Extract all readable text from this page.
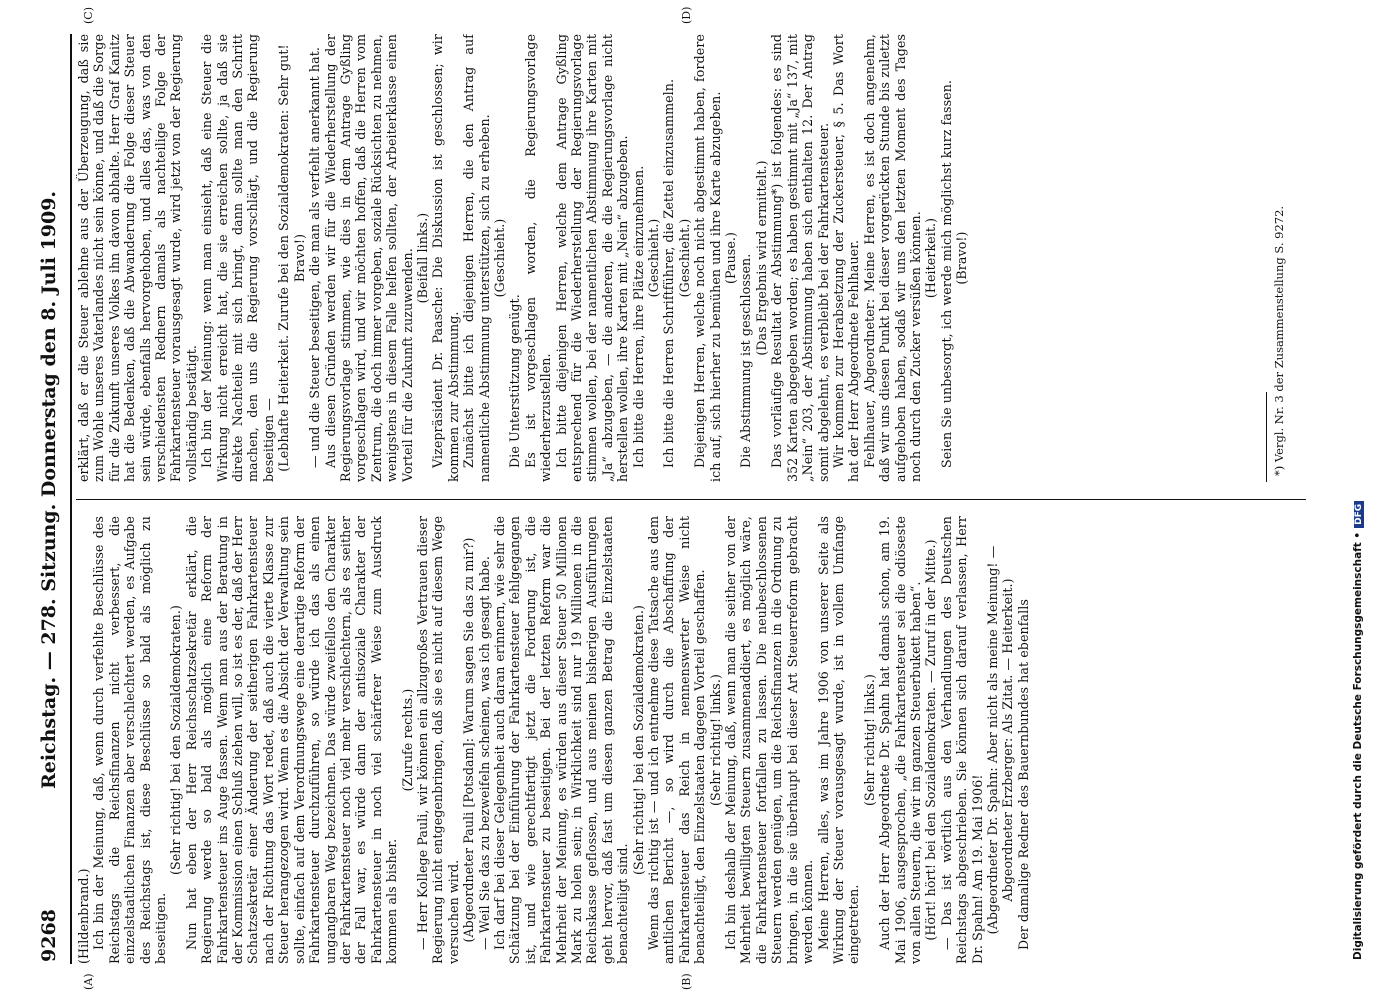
9268
Reichstag. — 278. Sitzung. Donnerstag den 8. Juli 1909.
(A)	(B)
(C)	(D)

(Hildenbrand.) Ich bin der Meinung, daß, wenn durch verfehlte Beschlüsse des Reichstags die Reichsfinanzen nicht verbessert, die einzelstaatlichen Finanzen aber verschlechtert werden, es Aufgabe des Reichstags ist, diese Beschlüsse so bald als möglich zu beseitigen.

(Sehr richtig! bei den Sozialdemokraten.) Nun hat eben der Herr Reichsschatzsekretär erklärt, die Regierung werde so bald als möglich eine Reform der Fahrkartensteuer ins Auge fassen. Wenn man aus der Beratung in der Kommission einen Schluß ziehen will, so ist es der, daß der Herr Schatzsekretär einer Änderung der seitherigen Fahrkartensteuer nach der Richtung das Wort redet, daß auch die vierte Klasse zur Steuer herangezogen wird. Wenn es die Absicht der Verwaltung sein sollte, einfach auf dem Verordnungswege eine derartige Reform der Fahrkartensteuer durchzuführen, so würde ich das als einen ungangbaren Weg bezeichnen. Das würde zweifellos den Charakter der Fahrkartensteuer noch viel mehr verschlechtern, als es seither der Fall war, es würde dann der antisoziale Charakter der Fahrkartensteuer in noch viel schärferer Weise zum Ausdruck kommen als bisher.

(Zurufe rechts.) — Herr Kollege Pauli, wir können ein allzugroßes Vertrauen dieser Regierung nicht entgegenbringen, daß sie es nicht auf diesem Wege versuchen wird. (Abgeordneter Pauli [Potsdam]: Warum sagen Sie das zu mir?) — Weil Sie das zu bezweifeln scheinen, was ich gesagt habe. Ich darf bei dieser Gelegenheit auch daran erinnern, wie sehr die Schätzung bei der Einführung der Fahrkartensteuer fehlgegangen ist, und wie gerechtfertigt jetzt die Forderung ist, die Fahrkartensteuer zu beseitigen. Bei der letzten Reform war die Mehrheit der Meinung, es würden aus dieser Steuer 50 Millionen Mark zu holen sein; in Wirklichkeit sind nur 19 Millionen in die Reichskasse geflossen, und aus meinen bisherigen Ausführungen geht hervor, daß fast um diesen ganzen Betrag die Einzelstaaten benachteiligt sind.

(Sehr richtig! bei den Sozialdemokraten.) Wenn das richtig ist — und ich entnehme diese Tatsache aus dem amtlichen Bericht —, so wird durch die Abschaffung der Fahrkartensteuer das Reich in nennenswerter Weise nicht benachteiligt, den Einzelstaaten dagegen Vorteil geschaffen. (Sehr richtig! links.) Ich bin deshalb der Meinung, daß, wenn man die seither von der Mehrheit bewilligten Steuern zusammenaddiert, es möglich wäre, die Fahrkartensteuer fortfallen zu lassen. Die neubeschlossenen Steuern werden genügen, um die Reichsfinanzen in die Ordnung zu bringen, in die sie überhaupt bei dieser Art Steuerreform gebracht werden können. Meine Herren, alles, was im Jahre 1906 von unserer Seite als Wirkung der Steuer vorausgesagt wurde, ist in vollem Umfange eingetreten.

(Sehr richtig! links.) Auch der Herr Abgeordnete Dr. Spahn hat damals schon, am 19. Mai 1906, ausgesprochen, „die Fahrkartensteuer sei die odiöseste von allen Steuern, die wir im ganzen Steuerbukett haben“. (Hört! hört! bei den Sozialdemokraten. — Zuruf in der Mitte.) — Das ist wörtlich aus den Verhandlungen des Deutschen Reichstags abgeschrieben. Sie können sich darauf verlassen, Herr Dr. Spahn! Am 19. Mai 1906! (Abgeordneter Dr. Spahn: Aber nicht als meine Meinung! — Abgeordneter Erzberger: Als Zitat. — Heiterkeit.) Der damalige Redner des Bauernbundes hat ebenfalls

erklärt, daß er die Steuer ablehne aus der Überzeugung, daß sie zum Wohle unseres Vaterlandes nicht sein könne, und daß die Sorge für die Zukunft unseres Volkes ihn davon abhalte. Herr Graf Kanitz hat die Bedenken, daß die Abwanderung die Folge dieser Steuer sein würde, ebenfalls hervorgehoben, und alles das, was von den verschiedensten Rednern damals als nachteilige Folge der Fahrkartensteuer vorausgesagt wurde, wird jetzt von der Regierung vollständig bestätigt. Ich bin der Meinung: wenn man einsieht, daß eine Steuer die Wirkung nicht erreicht hat, die sie erreichen sollte, ja daß sie direkte Nachteile mit sich bringt, dann sollte man den Schritt machen, den uns die Regierung vorschlägt, und die Regierung beseitigen — (Lebhafte Heiterkeit. Zurufe bei den Sozialdemokraten: Sehr gut! Bravo!) — und die Steuer beseitigen, die man als verfehlt anerkannt hat. Aus diesen Gründen werden wir für die Wiederherstellung der Regierungsvorlage stimmen, wie dies in dem Antrage Gyßling vorgeschlagen wird, und wir möchten hoffen, daß die Herren vom Zentrum, die doch immer vorgeben, soziale Rücksichten zu nehmen, wenigstens in diesem Falle helfen sollten, der Arbeiterklasse einen Vorteil für die Zukunft zuzuwenden. (Beifall links.) Vizepräsident Dr. Paasche: Die Diskussion ist geschlossen; wir kommen zur Abstimmung. Zunächst bitte ich diejenigen Herren, die den Antrag auf namentliche Abstimmung unterstützen, sich zu erheben. (Geschieht.)

Die Unterstützung genügt. Es ist vorgeschlagen worden, die Regierungsvorlage wiederherzustellen. Ich bitte diejenigen Herren, welche dem Antrage Gyßling entsprechend für die Wiederherstellung der Regierungsvorlage stimmen wollen, bei der namentlichen Abstimmung ihre Karten mit „Ja“ abzugeben, — die anderen, die die Regierungsvorlage nicht herstellen wollen, ihre Karten mit „Nein“ abzugeben. Ich bitte die Herren, ihre Plätze einzunehmen. (Geschieht.) Ich bitte die Herren Schriftführer, die Zettel einzusammeln. (Geschieht.) Diejenigen Herren, welche noch nicht abgestimmt haben, fordere ich auf, sich hierher zu bemühen und ihre Karte abzugeben. (Pause.) Die Abstimmung ist geschlossen. (Das Ergebnis wird ermittelt.) Das vorläufige Resultat der Abstimmung*) ist folgendes: es sind 352 Karten abgegeben worden; es haben gestimmt mit „Ja“ 137, mit „Nein“ 203, der Abstimmung haben sich enthalten 12. Der Antrag somit abgelehnt, es verbleibt bei der Fahrkartensteuer. Wir kommen zur Herabsetzung der Zuckersteuer, § 5. Das Wort hat der Herr Abgeordnete Fehlhauer. Fehlhauer, Abgeordneter: Meine Herren, es ist doch angenehm, daß wir uns diesen Punkt bei dieser vorgerückten Stunde bis zuletzt aufgehoben haben, sodaß wir uns den letzten Moment des Tages noch durch den Zucker versüßen können. (Heiterkeit.) Seien Sie unbesorgt, ich werde mich möglichst kurz fassen. (Bravo!)	*) Vergl. Nr. 3 der Zusammenstellung S. 9272.
Digitalisierung gefördert durch die Deutsche Forschungsgemeinschaft •DFG
